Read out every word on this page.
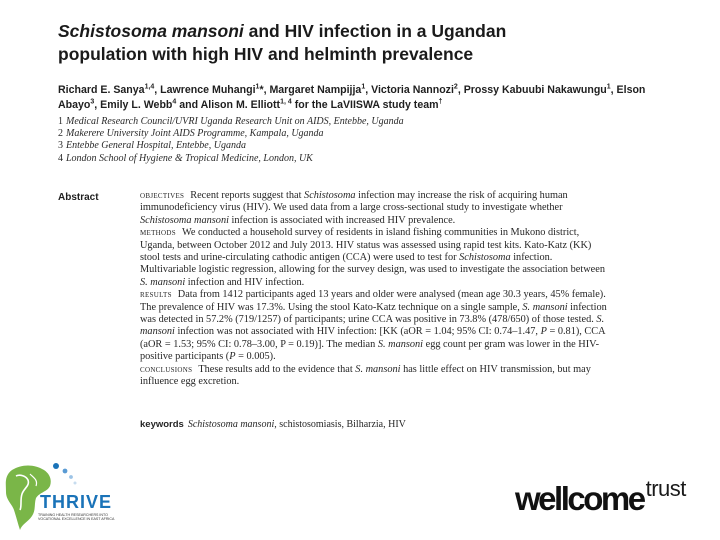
Schistosoma mansoni and HIV infection in a Ugandan
population with high HIV and helminth prevalence
Richard E. Sanya$^{1,4}$, Lawrence Muhangi$^1$*, Margaret Nampijja$^1$, Victoria Nannozi$^2$, Prossy Kabuubi Nakawungu$^1$, Elson Abayo$^3$, Emily L. Webb$^4$ and Alison M. Elliott$^{1, 4}$ for the LaVIISWA study team†
1 Medical Research Council/UVRI Uganda Research Unit on AIDS, Entebbe, Uganda
2 Makerere University Joint AIDS Programme, Kampala, Uganda
3 Entebbe General Hospital, Entebbe, Uganda
4 London School of Hygiene & Tropical Medicine, London, UK
Abstract	objectives Recent reports suggest that Schistosoma infection may increase the risk of acquiring human immunodeficiency virus (HIV). We used data from a large cross-sectional study to investigate whether Schistosoma mansoni infection is associated with increased HIV prevalence.

methods We conducted a household survey of residents in island fishing communities in Mukono district, Uganda, between October 2012 and July 2013. HIV status was assessed using rapid test kits. Kato-Katz (KK) stool tests and urine-circulating cathodic antigen (CCA) were used to test for Schistosoma infection. Multivariable logistic regression, allowing for the survey design, was used to investigate the association between S. mansoni infection and HIV infection.

results Data from 1412 participants aged 13 years and older were analysed (mean age 30.3 years, 45% female). The prevalence of HIV was 17.3%. Using the stool Kato-Katz technique on a single sample, S. mansoni infection was detected in 57.2% (719/1257) of participants; urine CCA was positive in 73.8% (478/650) of those tested. S. mansoni infection was not associated with HIV infection: [KK (aOR = 1.04; 95% CI: 0.74–1.47, P = 0.81), CCA (aOR = 1.53; 95% CI: 0.78–3.00, P = 0.19)]. The median S. mansoni egg count per gram was lower in the HIV-positive participants (P = 0.005).

conclusions These results add to the evidence that S. mansoni has little effect on HIV transmission, but may influence egg excretion.

keywords Schistosoma mansoni, schistosomiasis, Bilharzia, HIV
THRIVE
TRAINING HEALTH RESEARCHERS INTO VOCATIONAL EXCELLENCE IN EAST AFRICA
wellcometrust
